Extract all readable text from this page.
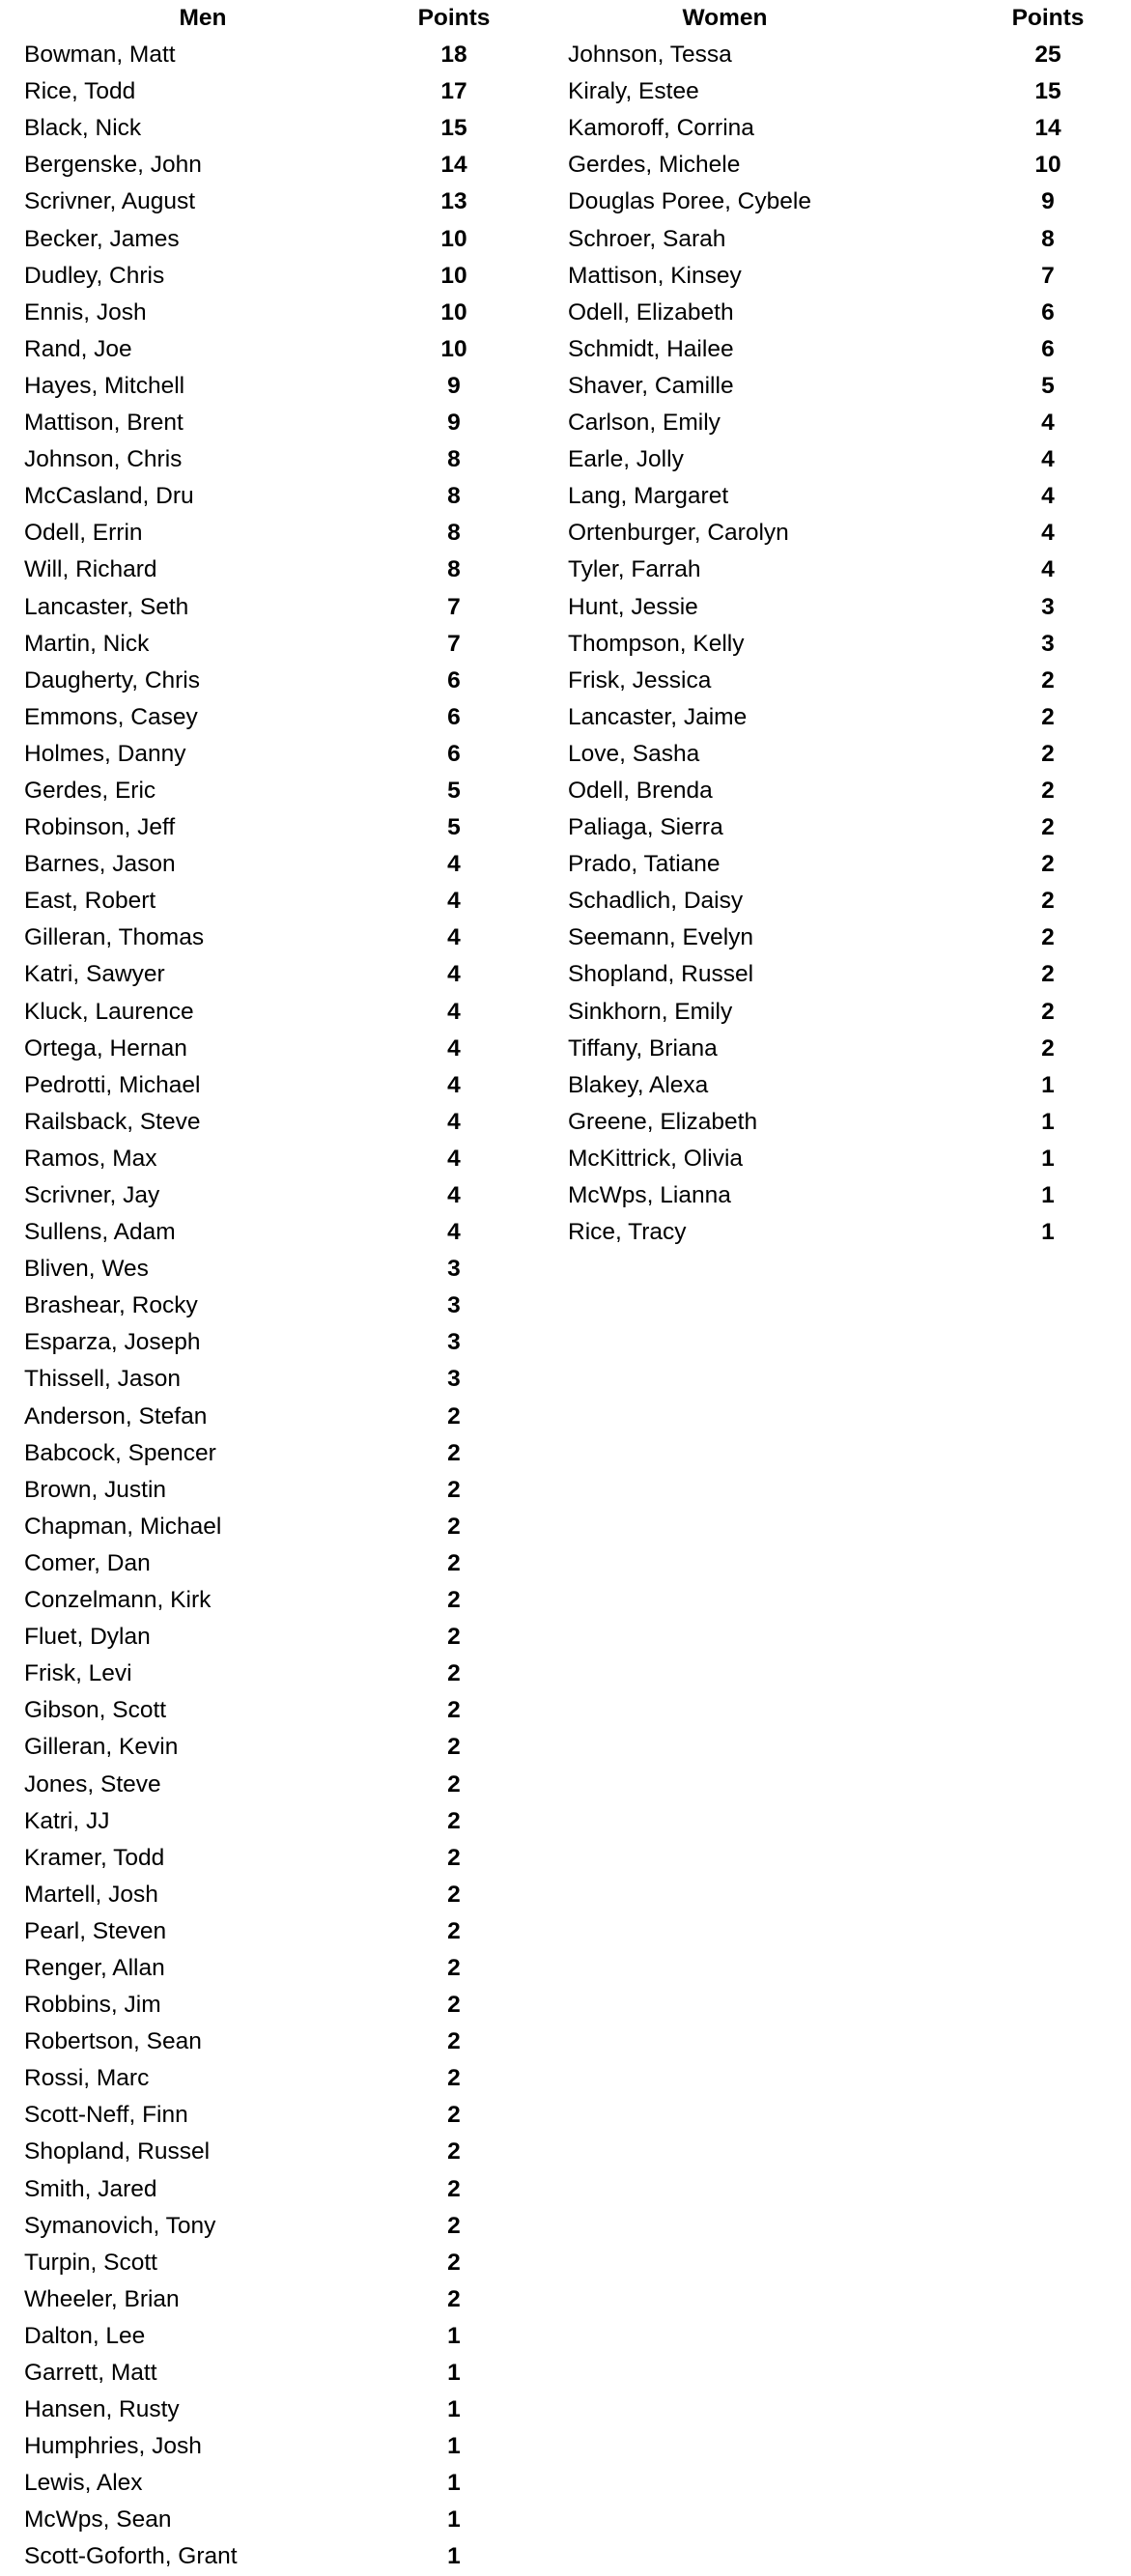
Men	Points
Bowman, Matt	18
Rice, Todd	17
Black, Nick	15
Bergenske, John	14
Scrivner, August	13
Becker, James	10
Dudley, Chris	10
Ennis, Josh	10
Rand, Joe	10
Hayes, Mitchell	9
Mattison, Brent	9
Johnson, Chris	8
McCasland, Dru	8
Odell, Errin	8
Will, Richard	8
Lancaster, Seth	7
Martin, Nick	7
Daugherty, Chris	6
Emmons, Casey	6
Holmes, Danny	6
Gerdes, Eric	5
Robinson, Jeff	5
Barnes, Jason	4
East, Robert	4
Gilleran, Thomas	4
Katri, Sawyer	4
Kluck, Laurence	4
Ortega, Hernan	4
Pedrotti, Michael	4
Railsback, Steve	4
Ramos, Max	4
Scrivner, Jay	4
Sullens, Adam	4
Bliven, Wes	3
Brashear, Rocky	3
Esparza, Joseph	3
Thissell, Jason	3
Anderson, Stefan	2
Babcock, Spencer	2
Brown, Justin	2
Chapman, Michael	2
Comer, Dan	2
Conzelmann, Kirk	2
Fluet, Dylan	2
Frisk, Levi	2
Gibson, Scott	2
Gilleran, Kevin	2
Jones, Steve	2
Katri, JJ	2
Kramer, Todd	2
Martell, Josh	2
Pearl, Steven	2
Renger, Allan	2
Robbins, Jim	2
Robertson, Sean	2
Rossi, Marc	2
Scott-Neff, Finn	2
Shopland, Russel	2
Smith, Jared	2
Symanovich, Tony	2
Turpin, Scott	2
Wheeler, Brian	2
Dalton, Lee	1
Garrett, Matt	1
Hansen, Rusty	1
Humphries, Josh	1
Lewis, Alex	1
McWps, Sean	1
Scott-Goforth, Grant	1
Women	Points
Johnson, Tessa	25
Kiraly, Estee	15
Kamoroff, Corrina	14
Gerdes, Michele	10
Douglas Poree, Cybele	9
Schroer, Sarah	8
Mattison, Kinsey	7
Odell, Elizabeth	6
Schmidt, Hailee	6
Shaver, Camille	5
Carlson, Emily	4
Earle, Jolly	4
Lang, Margaret	4
Ortenburger, Carolyn	4
Tyler, Farrah	4
Hunt, Jessie	3
Thompson, Kelly	3
Frisk, Jessica	2
Lancaster, Jaime	2
Love, Sasha	2
Odell, Brenda	2
Paliaga, Sierra	2
Prado, Tatiane	2
Schadlich, Daisy	2
Seemann, Evelyn	2
Shopland, Russel	2
Sinkhorn, Emily	2
Tiffany, Briana	2
Blakey, Alexa	1
Greene, Elizabeth	1
McKittrick, Olivia	1
McWps, Lianna	1
Rice, Tracy	1
